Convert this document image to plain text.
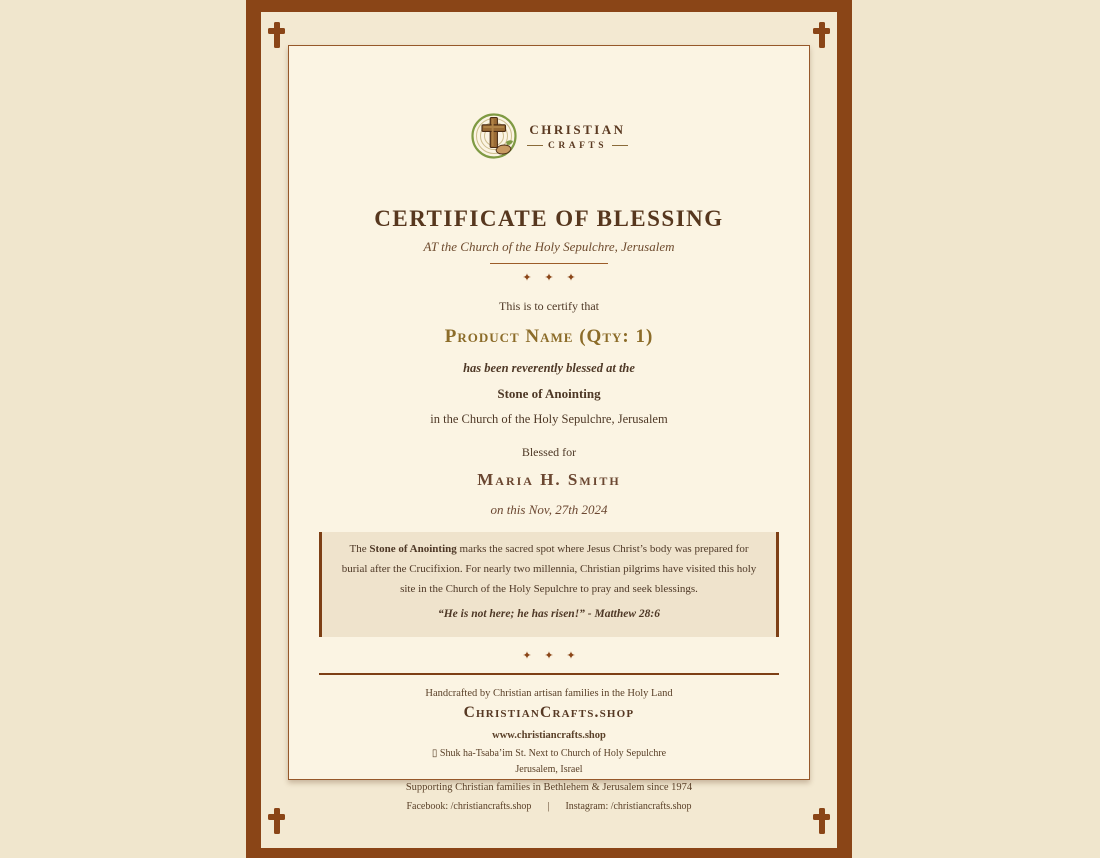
CHRISTIAN
CRAFTS
CERTIFICATE OF BLESSING
AT the Church of the Holy Sepulchre, Jerusalem
✦ ✦ ✦
This is to certify that
Product Name (Qty: 1)
has been reverently blessed at the
Stone of Anointing
in the Church of the Holy Sepulchre, Jerusalem
Blessed for
Maria H. Smith
on this Nov, 27th 2024
The Stone of Anointing marks the sacred spot where Jesus Christ’s body was prepared for burial after the Crucifixion. For nearly two millennia, Christian pilgrims have visited this holy site in the Church of the Holy Sepulchre to pray and seek blessings.
“He is not here; he has risen!” - Matthew 28:6
✦ ✦ ✦
Handcrafted by Christian artisan families in the Holy Land
ChristianCrafts.shop
www.christiancrafts.shop
▯ Shuk ha-Tsaba’im St. Next to Church of Holy Sepulchre
Jerusalem, Israel
Supporting Christian families in Bethlehem & Jerusalem since 1974
Facebook: /christiancrafts.shop | Instagram: /christiancrafts.shop
